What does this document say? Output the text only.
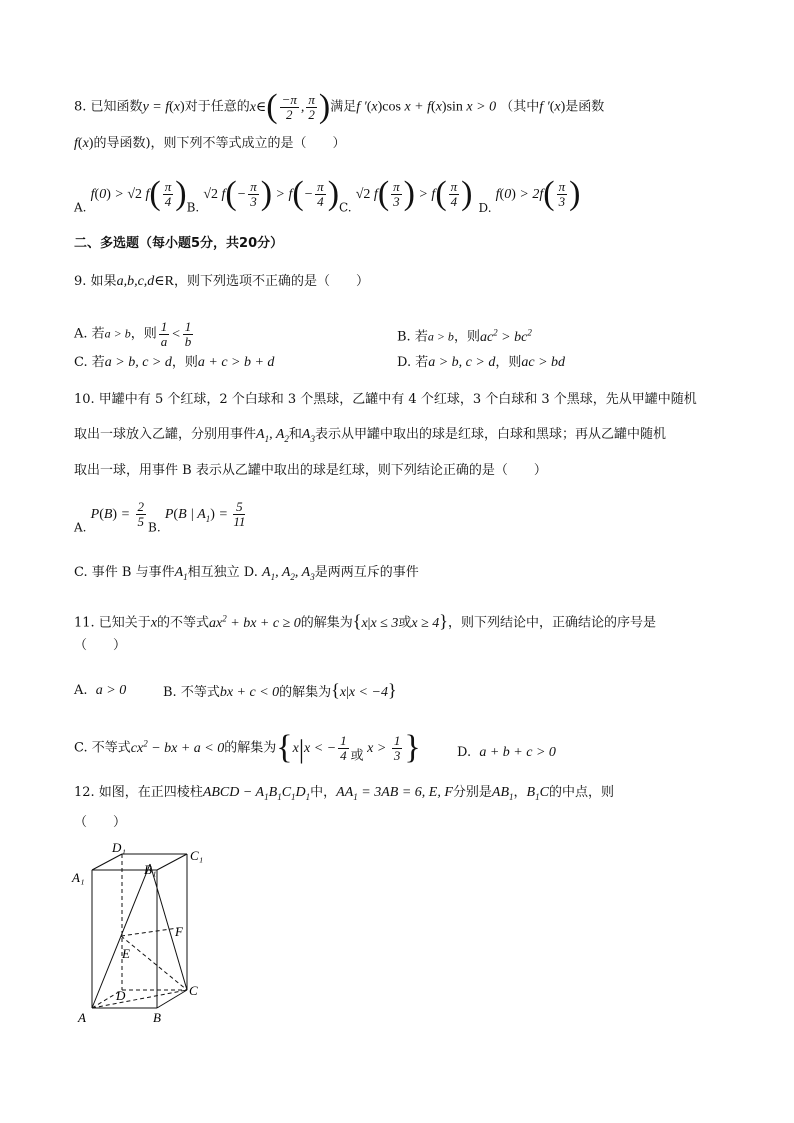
8. 已知函数y = f(x)对于任意的x∈( $\frac{-\pi}{2}$ , $\frac{\pi}{2}$ )满足f ′(x)cos x + f(x)sin x > 0 （其中f ′(x)是函数
f(x)的导函数)，则下列不等式成立的是（　　）
A. f(0) > √2 $f( \frac{\pi}{4} )B$. √2 $f(- \frac{\pi}{3}$ ) > $f(- \frac{\pi}{4} )C$. √2 $f( \frac{\pi}{3}$ ) > $f( \frac{\pi}{4}$ ) D. $f(0) > 2f( \frac{\pi}{3}$ )
二、多选题（每小题5分，共20分）
9. 如果a,b,c,d∈R，则下列选项不正确的是（　　）
A. 若a > b，则 $\frac{1}{a} < \frac{1}{b}$	B. 若a > b，则$ac^2 > bc^2$
C. 若a > b, c > d，则a + c > b + d	D. 若a > b, c > d，则ac > bd
10. 甲罐中有 5 个红球，2 个白球和 3 个黑球，乙罐中有 4 个红球，3 个白球和 3 个黑球，先从甲罐中随机
取出一球放入乙罐，分别用事件$A_1$, $A_2$和$A_3$表示从甲罐中取出的球是红球，白球和黑球；再从乙罐中随机
取出一球，用事件 B 表示从乙罐中取出的球是红球，则下列结论正确的是（　　）
A. $P(B) = \frac{2}{5} B$. P(B | $A_1) = \frac{5}{11}$
C. 事件 B 与事件$A_1$相互独立 D. $A_1$, $A_2$, $A_3$是两两互斥的事件
11. 已知关于x的不等式$ax^2$ + bx + c ≥ 0的解集为{x|x ≤ 3或x ≥ 4}，则下列结论中，正确结论的序号是
（　　）
A. a > 0	B. 不等式bx + c < 0的解集为{x|x < −4}
C. 不等式$cx^2$ − bx + a < 0的解集为{x|x < − $\frac{1}{4}$ 或 $x > \frac{1}{3}$ }	D. a + b + c > 0
12. 如图，在正四棱柱ABCD − $A_1B_1C_1D_1$中，$AA_1 = 3AB = 6$, E, F分别是$AB_1$，$B_1C$的中点，则
（　　）
D₁
C₁
A₁
B₁
E
F
D	C
A	B
